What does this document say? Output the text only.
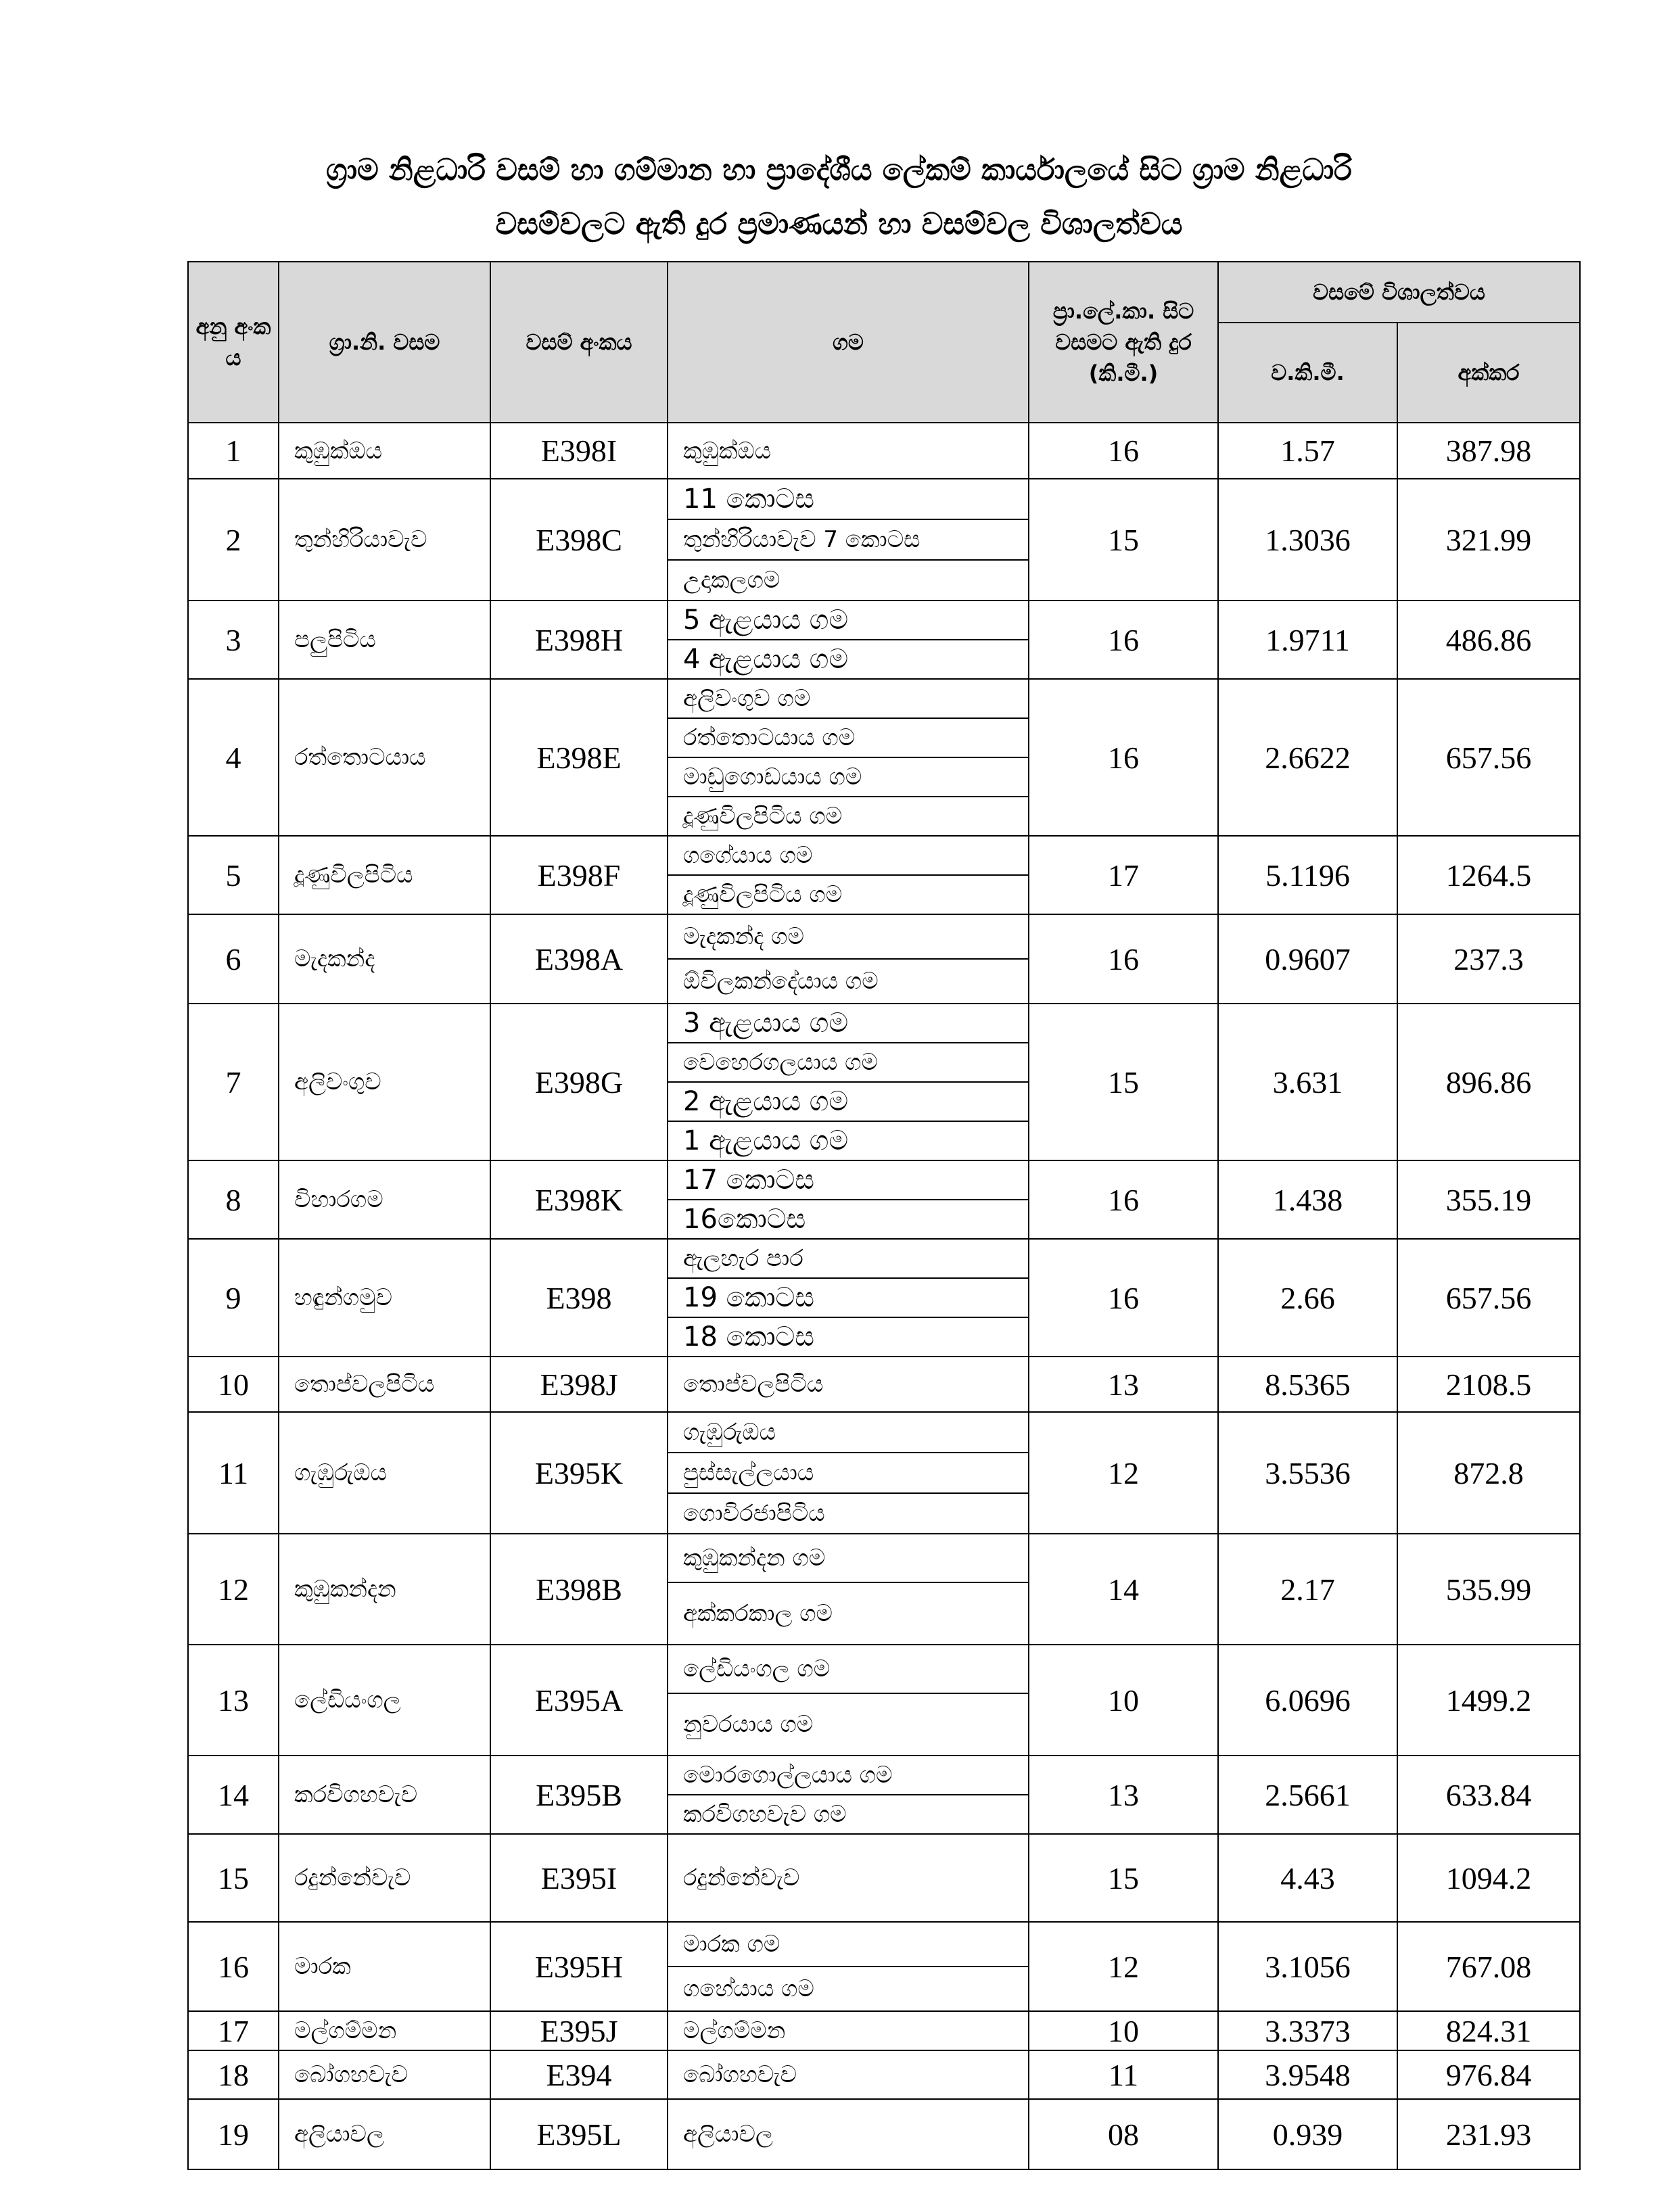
ග්‍රාම නිළධාරි වසම් හා ගම්මාන හා ප්‍රාදේශීය ලේකම් කාර්යාලයේ සිට ග්‍රාම නිළධාරි
වසම්වලට ඇති දුර ප්‍රමාණයන් හා වසම්වල විශාලත්වය
අනු අංක ය	ග්‍රා.නි. වසම	වසම් අංකය	ගම	ප්‍රා.ලේ.කා. සිට වසමට ඇති දුර (කි.මී.)	වසමේ විශාලත්වය	
					ව.කි.මී.	අක්කර
1	කුඹුක්ඔය	E398I	කුඹුක්ඔය	16	1.57	387.98
2	තුන්හිරියාවැව	E398C	11 කොටස	15	1.3036	321.99
			තුන්හිරියාවැව 7 කොටස			
			උදාකලගම			
3	පලුපිටිය	E398H	5 ඇළයාය ගම	16	1.9711	486.86
			4 ඇළයාය ගම			
4	රත්තොටයාය	E398E	අලිවංගුව ගම	16	2.6622	657.56
			රත්තොටයාය ගම			
			මාඩුගොඩයාය ගම			
			දූණුවිලපිටිය ගම			
5	දූණුවිලපිටිය	E398F	ගගේයාය ගම	17	5.1196	1264.5
			දූණුවිලපිටිය ගම			
6	මැදකන්ද	E398A	මැදකන්ද ගම	16	0.9607	237.3
			ඕවිලකන්දේයාය ගම			
7	අලිවංගුව	E398G	3 ඇළයාය ගම	15	3.631	896.86
			වෙහෙරගලයාය ගම			
			2 ඇළයාය ගම			
			1 ඇළයාය ගම			
8	විහාරගම	E398K	17 කොටස	16	1.438	355.19
			16කොටස			
9	හඳුන්ගමුව	E398	ඇලහැර පාර	16	2.66	657.56
			19 කොටස			
			18 කොටස			
10	තොප්වලපිටිය	E398J	තොප්වලපිටිය	13	8.5365	2108.5
11	ගැඹුරුඔය	E395K	ගැඹුරුඔය	12	3.5536	872.8
			පුස්සැල්ලයාය			
			ගොවිරජාපිටිය			
12	කුඹුකන්දන	E398B	කුඹුකන්දන ගම	14	2.17	535.99
			අක්කරකාල ගම			
13	ලේඩියංගල	E395A	ලේඩියංගල ගම	10	6.0696	1499.2
			නුවරයාය ගම			
14	කරවිගහවැව	E395B	මොරගොල්ලයාය ගම	13	2.5661	633.84
			කරවිගහවැව ගම			
15	රදුන්නේවැව	E395I	රදුන්නේවැව	15	4.43	1094.2
16	මාරක	E395H	මාරක ගම	12	3.1056	767.08
			ගහේයාය ගම			
17	මල්ගම්මන	E395J	මල්ගම්මන	10	3.3373	824.31
18	බෝගහවැව	E394	බෝගහවැව	11	3.9548	976.84
19	අලියාවල	E395L	අලියාවල	08	0.939	231.93
